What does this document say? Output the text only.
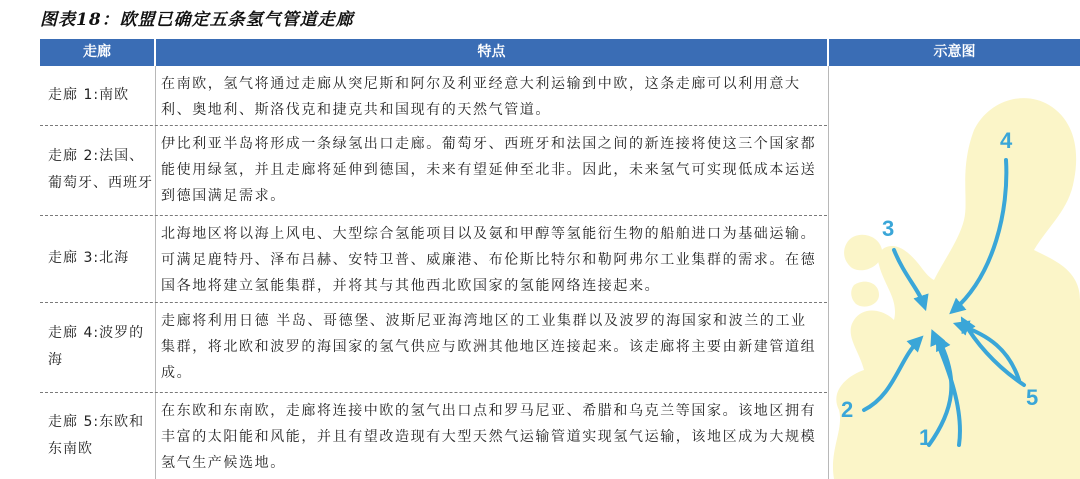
图表18：欧盟已确定五条氢气管道走廊
走廊	特点	示意图
走廊 1:南欧
在南欧，氢气将通过走廊从突尼斯和阿尔及利亚经意大利运输到中欧，这条走廊可以利用意大利、奥地利、斯洛伐克和捷克共和国现有的天然气管道。
走廊 2:法国、葡萄牙、西班牙
伊比利亚半岛将形成一条绿氢出口走廊。葡萄牙、西班牙和法国之间的新连接将使这三个国家都能使用绿氢，并且走廊将延伸到德国，未来有望延伸至北非。因此，未来氢气可实现低成本运送到德国满足需求。
走廊 3:北海
北海地区将以海上风电、大型综合氢能项目以及氨和甲醇等氢能衍生物的船舶进口为基础运输。可满足鹿特丹、泽布吕赫、安特卫普、威廉港、布伦斯比特尔和勒阿弗尔工业集群的需求。在德国各地将建立氢能集群，并将其与其他西北欧国家的氢能网络连接起来。
走廊 4:波罗的海
走廊将利用日德 半岛、哥德堡、波斯尼亚海湾地区的工业集群以及波罗的海国家和波兰的工业集群，将北欧和波罗的海国家的氢气供应与欧洲其他地区连接起来。该走廊将主要由新建管道组成。
走廊 5:东欧和东南欧
在东欧和东南欧，走廊将连接中欧的氢气出口点和罗马尼亚、希腊和乌克兰等国家。该地区拥有丰富的太阳能和风能，并且有望改造现有大型天然气运输管道实现氢气运输，该地区成为大规模氢气生产候选地。
1
2
3
4
5
